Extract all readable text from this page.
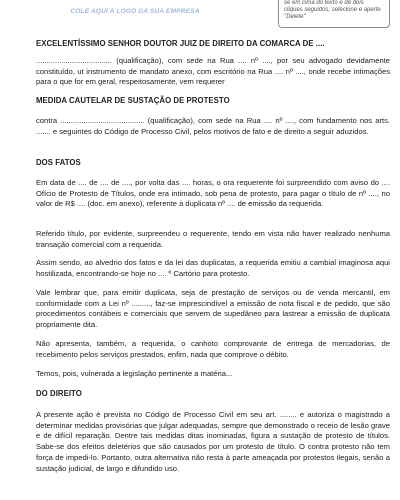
COLE AQUI A LOGO DA SUA EMPRESA
se em cima do texto e dê dois cliques seguidos, selecione e aperte "Delete"
EXCELENTÍSSIMO SENHOR DOUTOR JUIZ DE DIREITO DA COMARCA DE ....

.................................... (qualificação), com sede na Rua .... nº ...., por seu advogado devidamente constituído, ut instrumento de mandato anexo, com escritório na Rua .... nº ...., onde recebe intimações para o que for em geral, respeitosamente, vem requerer

MEDIDA CAUTELAR DE SUSTAÇÃO DE PROTESTO

contra ........................................ (qualificação), com sede na Rua .... nº ...., com fundamento nos arts. ....... e seguintes do Código de Processo Civil, pelos motivos de fato e de direito a seguir aduzidos.

DOS FATOS

Em data de .... de .... de ...., por volta das .... horas, o ora requerente foi surpreendido com aviso do .... Ofício de Protesto de Títulos, onde era intimado, sob pena de protesto, para pagar o título de nº ...., no valor de R$ .... (doc. em anexo), referente à duplicata nº .... de emissão da requerida.

Referido título, por evidente, surpreendeu o requerente, tendo em vista não haver realizado nenhuma transação comercial com a requerida.

Assim sendo, ao alvedrio dos fatos e da lei das duplicatas, a requerida emitiu a cambial imaginosa aqui hostilizada, encontrando-se hoje no .... º Cartório para protesto.

Vale lembrar que, para emitir duplicata, seja de prestação de serviços ou de venda mercantil, em conformidade com a Lei nº ........., faz-se imprescindível a emissão de nota fiscal e de pedido, que são procedimentos contábeis e comerciais que servem de supedâneo para lastrear a emissão de duplicata propriamente dita.

Não apresenta, também, a requerida, o canhoto comprovante de entrega de mercadorias, de recebimento pelos serviços prestados, enfim, nada que comprove o débito.

Temos, pois, vulnerada a legislação pertinente a matéria...

DO DIREITO

A presente ação é prevista no Código de Processo Civil em seu art. ........ e autoriza o magistrado a determinar medidas provisórias que julgar adequadas, sempre que demonstrado o receio de lesão grave e de difícil reparação. Dentre tais medidas ditas inominadas, figura a sustação de protesto de títulos. Sabe-se dos efeitos deletérios que são causados por um protesto de título. O contra protesto não tem força de impedi-lo. Portanto, outra alternativa não resta à parte ameaçada por protestos ilegais, senão a sustação judicial, de largo e difundido uso.
